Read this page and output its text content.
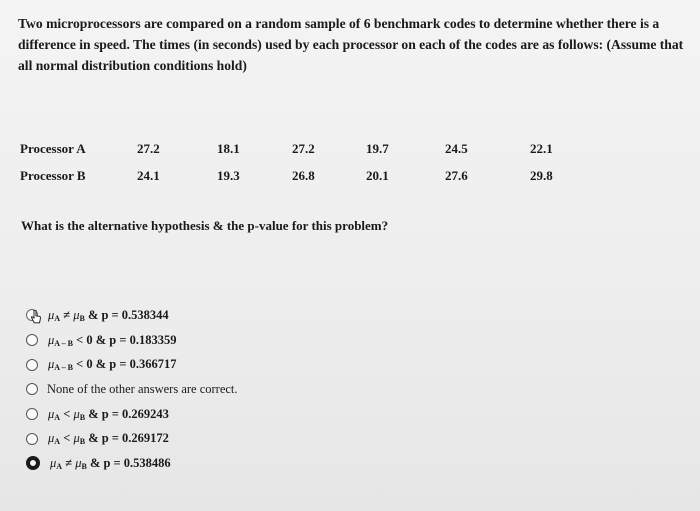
Two microprocessors are compared on a random sample of 6 benchmark codes to determine whether there is a difference in speed. The times (in seconds) used by each processor on each of the codes are as follows: (Assume that all normal distribution conditions hold)
Processor A	27.2	18.1	27.2	19.7	24.5	22.1
Processor B	24.1	19.3	26.8	20.1	27.6	29.8
What is the alternative hypothesis & the p-value for this problem?
$\mu_A \ne \mu_B$ & p = 0.538344
$\mu_{A - B} < 0$ & p = 0.183359
$\mu_{A - B} < 0$ & p = 0.366717
None of the other answers are correct.
$\mu_A < \mu_B$ & p = 0.269243
$\mu_A < \mu_B$ & p = 0.269172
$\mu_A \ne \mu_B$ & p = 0.538486
